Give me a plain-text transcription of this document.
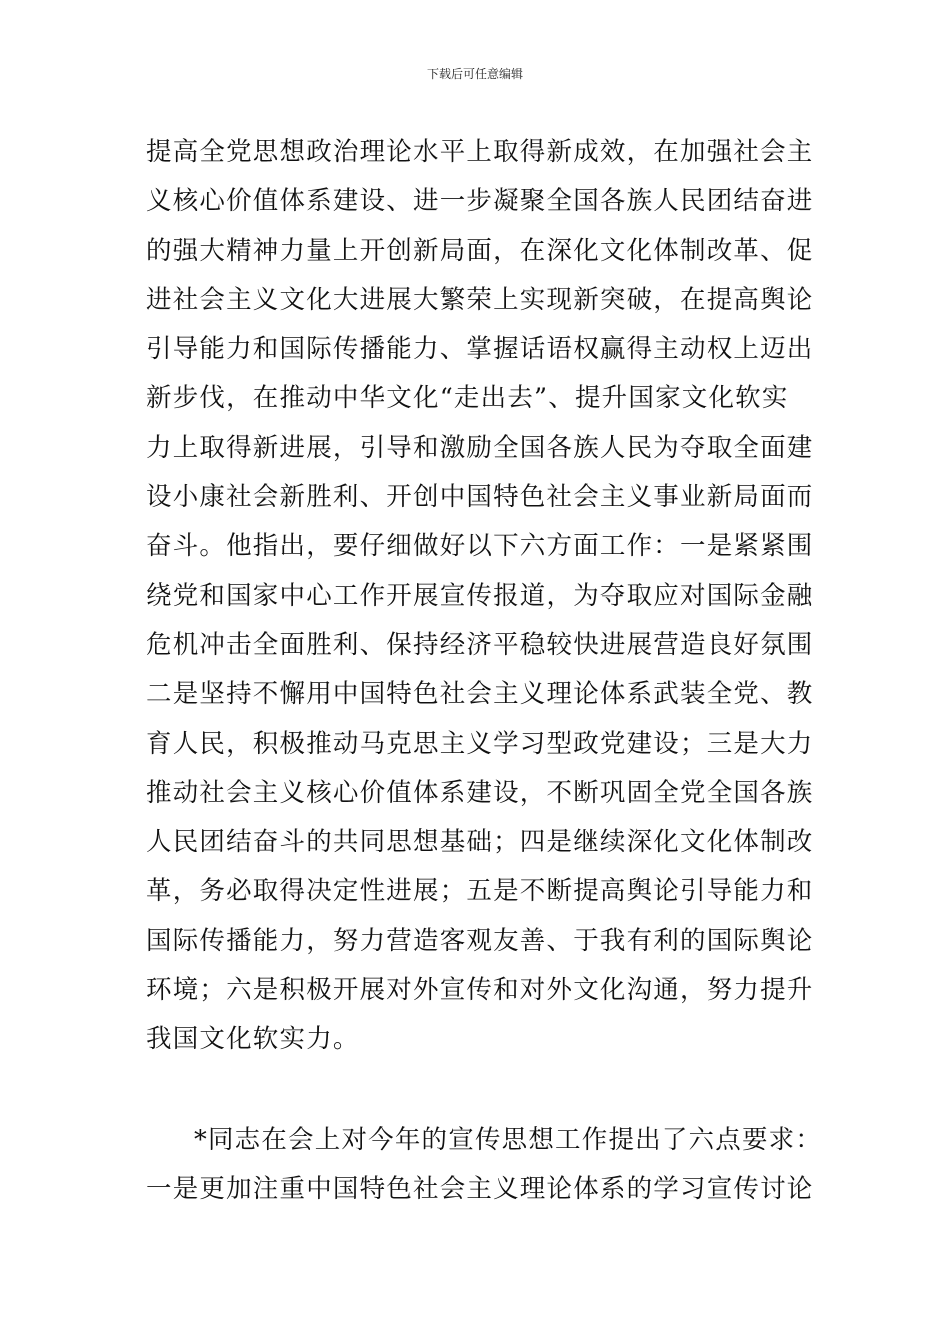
下载后可任意编辑
提高全党思想政治理论水平上取得新成效，在加强社会主
义核心价值体系建设、进一步凝聚全国各族人民团结奋进
的强大精神力量上开创新局面，在深化文化体制改革、促
进社会主义文化大进展大繁荣上实现新突破，在提高舆论
引导能力和国际传播能力、掌握话语权赢得主动权上迈出
新步伐，在推动中华文化“走出去”、提升国家文化软实
力上取得新进展，引导和激励全国各族人民为夺取全面建
设小康社会新胜利、开创中国特色社会主义事业新局面而
奋斗。他指出，要仔细做好以下六方面工作：一是紧紧围
绕党和国家中心工作开展宣传报道，为夺取应对国际金融
危机冲击全面胜利、保持经济平稳较快进展营造良好氛围
二是坚持不懈用中国特色社会主义理论体系武装全党、教
育人民，积极推动马克思主义学习型政党建设；三是大力
推动社会主义核心价值体系建设，不断巩固全党全国各族
人民团结奋斗的共同思想基础；四是继续深化文化体制改
革，务必取得决定性进展；五是不断提高舆论引导能力和
国际传播能力，努力营造客观友善、于我有利的国际舆论
环境；六是积极开展对外宣传和对外文化沟通，努力提升
我国文化软实力。
*同志在会上对今年的宣传思想工作提出了六点要求：
一是更加注重中国特色社会主义理论体系的学习宣传讨论
